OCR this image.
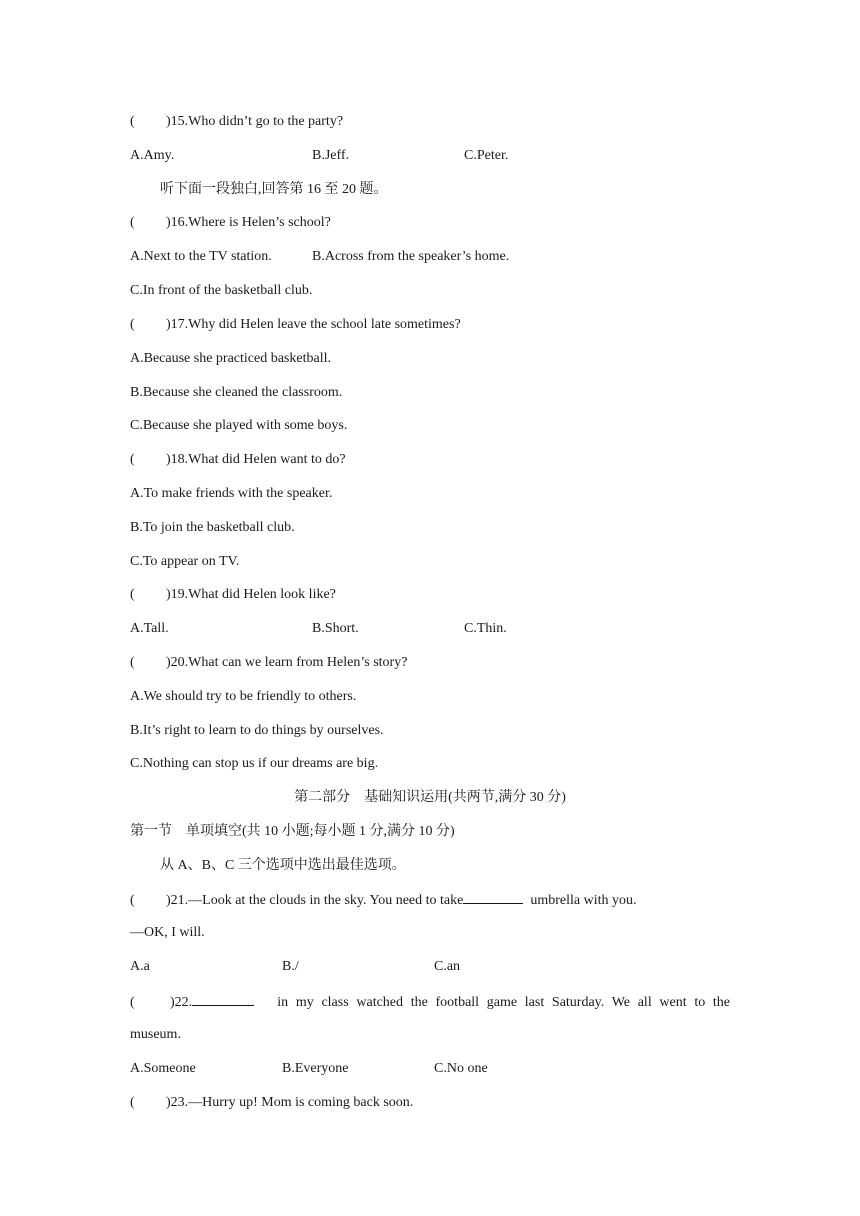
( )15.Who didn’t go to the party?
A.Amy.	B.Jeff.	C.Peter.
听下面一段独白,回答第 16 至 20 题。
( )16.Where is Helen’s school?
A.Next to the TV station.	B.Across from the speaker’s home.
C.In front of the basketball club.
( )17.Why did Helen leave the school late sometimes?
A.Because she practiced basketball.
B.Because she cleaned the classroom.
C.Because she played with some boys.
( )18.What did Helen want to do?
A.To make friends with the speaker.
B.To join the basketball club.
C.To appear on TV.
( )19.What did Helen look like?
A.Tall.	B.Short.	C.Thin.
( )20.What can we learn from Helen’s story?
A.We should try to be friendly to others.
B.It’s right to learn to do things by ourselves.
C.Nothing can stop us if our dreams are big.
第二部分　基础知识运用(共两节,满分 30 分)
第一节　单项填空(共 10 小题;每小题 1 分,满分 10 分)
从 A、B、C 三个选项中选出最佳选项。
( )21.—Look at the clouds in the sky. You need to take	umbrella with you.
—OK, I will.
A.a	B./	C.an
(	)22.	in my class watched the football game last Saturday. We all went to the
museum.
A.Someone	B.Everyone	C.No one
( )23.—Hurry up! Mom is coming back soon.
